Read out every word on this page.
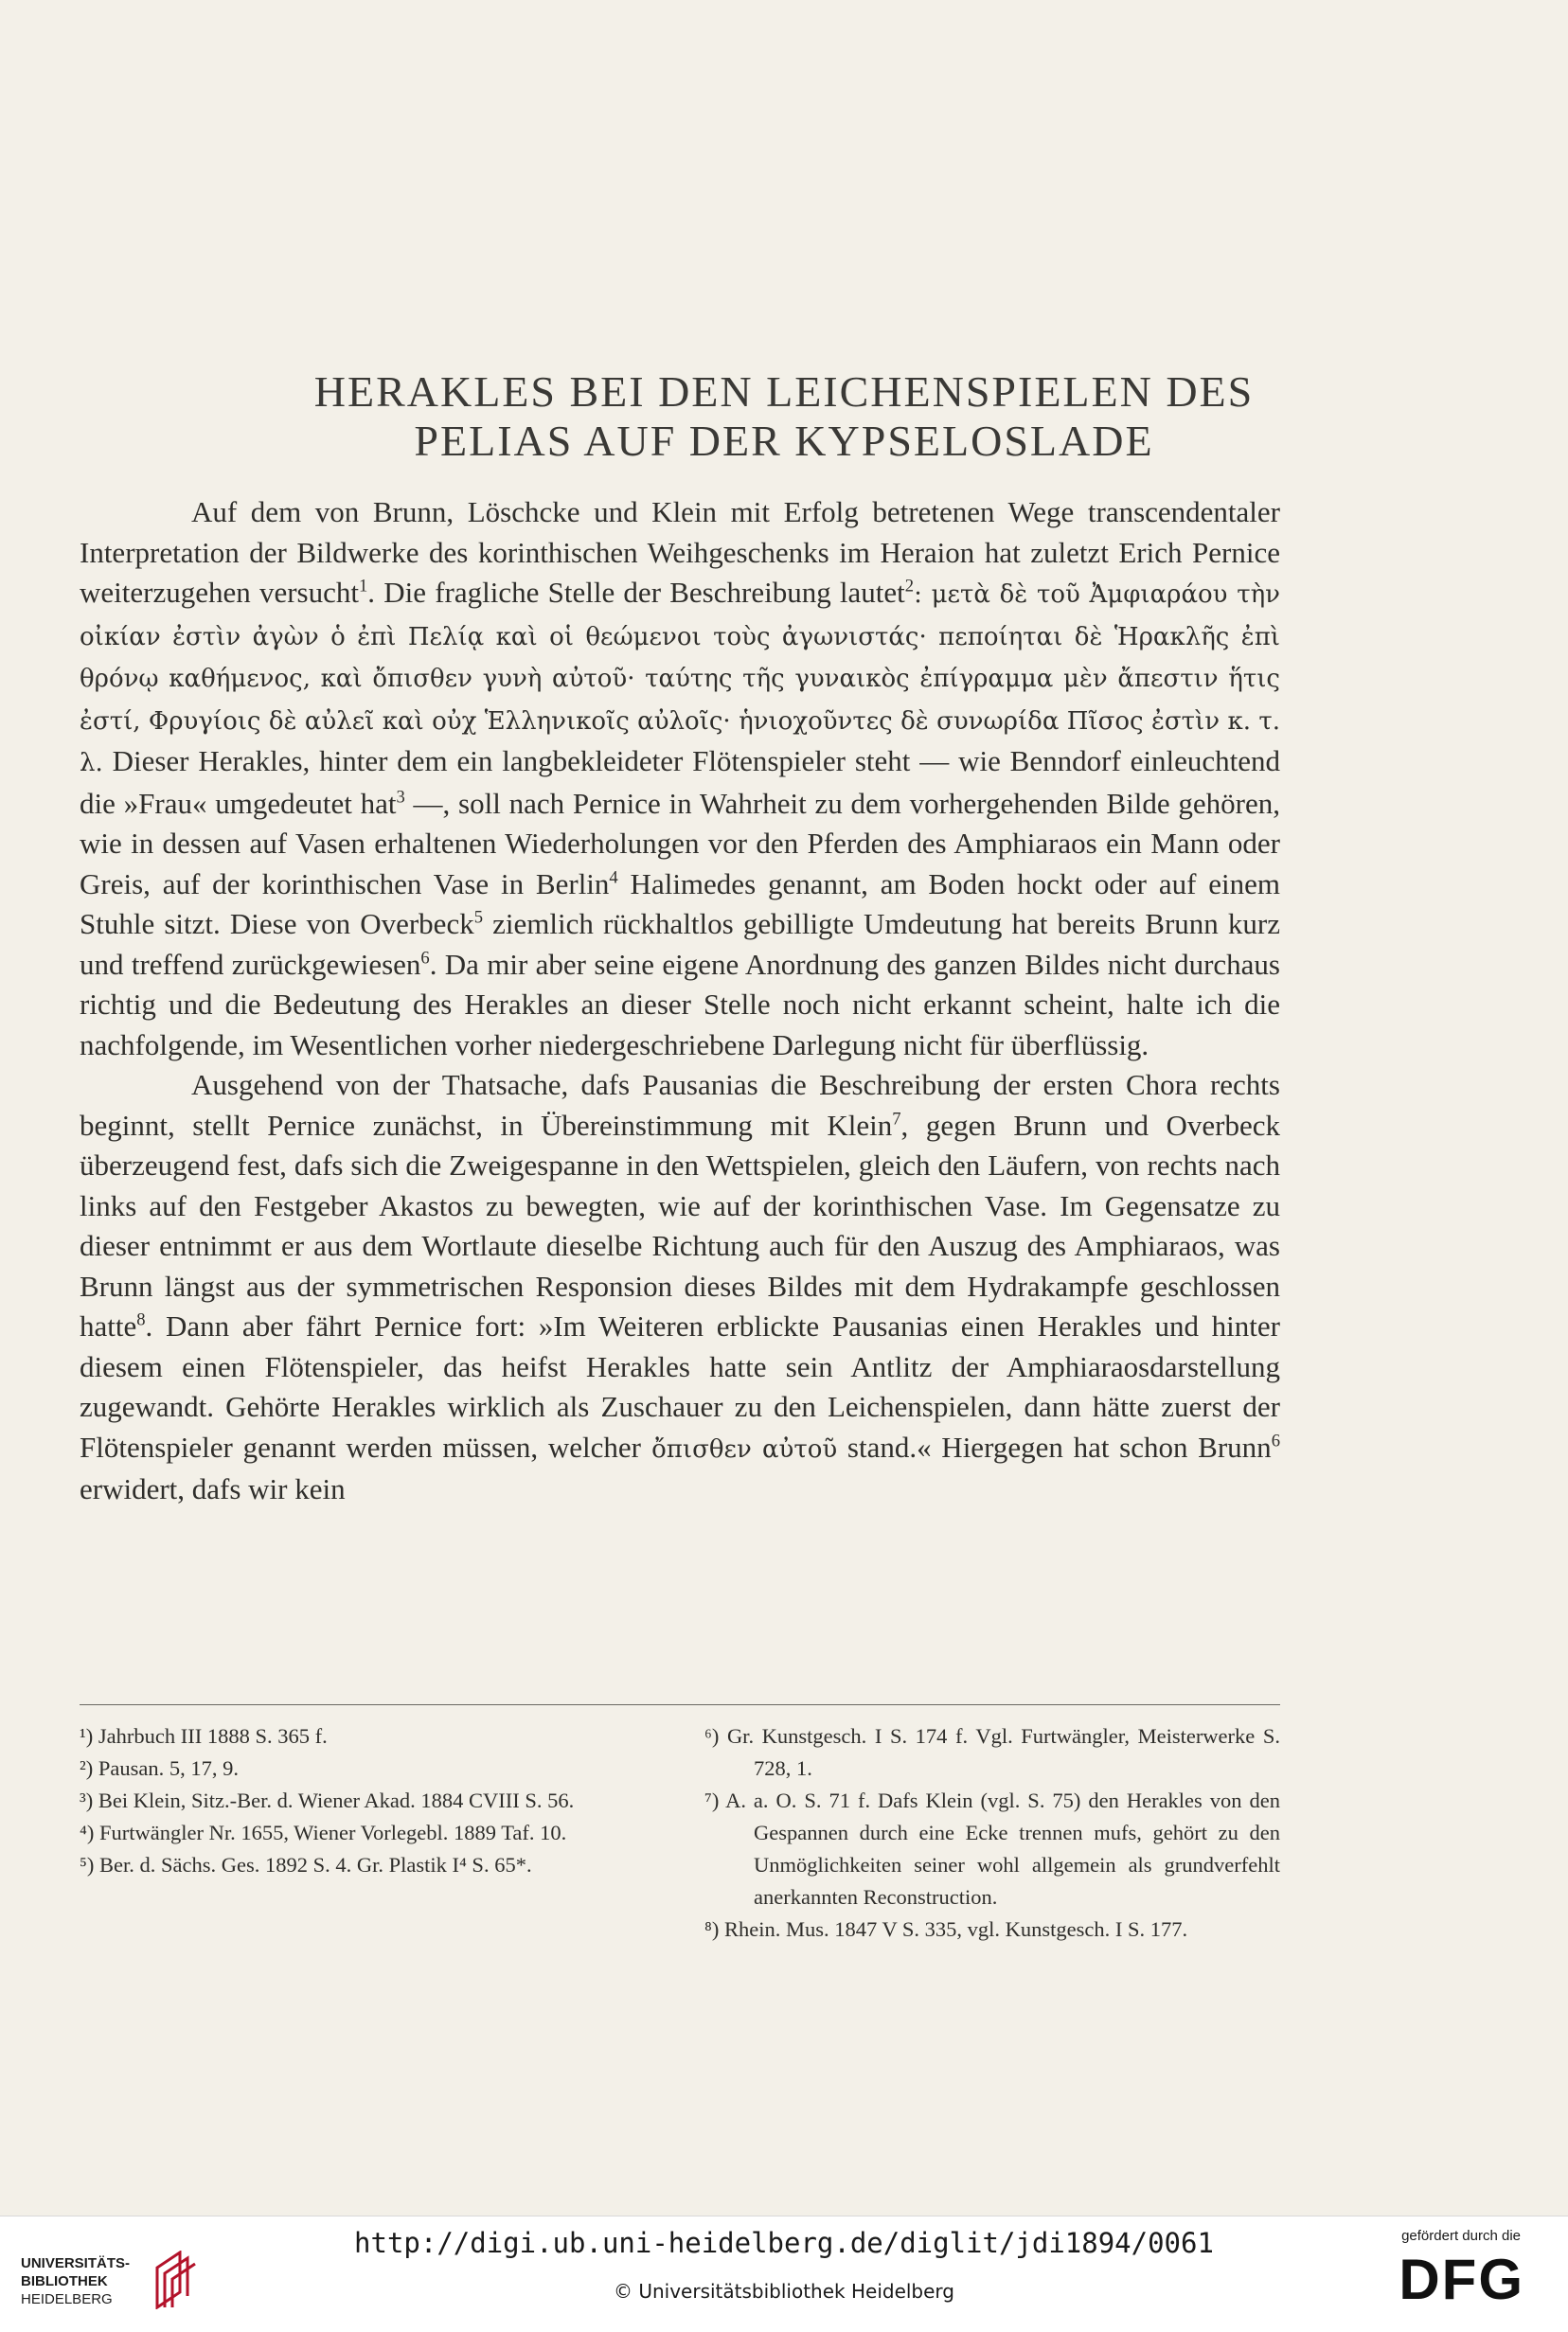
HERAKLES BEI DEN LEICHENSPIELEN DES
PELIAS AUF DER KYPSELOSLADE

Auf dem von Brunn, Löschcke und Klein mit Erfolg betretenen Wege transcendentaler Interpretation der Bildwerke des korinthischen Weihgeschenks im Heraion hat zuletzt Erich Pernice weiterzugehen versucht$^1$. Die fragliche Stelle der Beschreibung lautet$^2$: μετὰ δὲ τοῦ Ἀμφιαράου τὴν οἰκίαν ἐστὶν ἀγὼν ὁ ἐπὶ Πελίᾳ καὶ οἱ θεώμενοι τοὺς ἀγωνιστάς· πεποίηται δὲ Ἡρακλῆς ἐπὶ θρόνῳ καθήμενος, καὶ ὄπισθεν γυνὴ αὐτοῦ· ταύτης τῆς γυναικὸς ἐπίγραμμα μὲν ἄπεστιν ἥτις ἐστί, Φρυγίοις δὲ αὐλεῖ καὶ οὐχ Ἑλληνικοῖς αὐλοῖς· ἡνιοχοῦντες δὲ συνωρίδα Πῖσος ἐστὶν κ. τ. λ. Dieser Herakles, hinter dem ein langbekleideter Flötenspieler steht — wie Benndorf einleuchtend die »Frau« umgedeutet hat$^3$ —, soll nach Pernice in Wahrheit zu dem vorhergehenden Bilde gehören, wie in dessen auf Vasen erhaltenen Wiederholungen vor den Pferden des Amphiaraos ein Mann oder Greis, auf der korinthischen Vase in Berlin$^4$ Halimedes genannt, am Boden hockt oder auf einem Stuhle sitzt. Diese von Overbeck$^5$ ziemlich rückhaltlos gebilligte Umdeutung hat bereits Brunn kurz und treffend zurückgewiesen$^6$. Da mir aber seine eigene Anordnung des ganzen Bildes nicht durchaus richtig und die Bedeutung des Herakles an dieser Stelle noch nicht erkannt scheint, halte ich die nachfolgende, im Wesentlichen vorher niedergeschriebene Darlegung nicht für überflüssig.

Ausgehend von der Thatsache, dafs Pausanias die Beschreibung der ersten Chora rechts beginnt, stellt Pernice zunächst, in Übereinstimmung mit Klein$^7$, gegen Brunn und Overbeck überzeugend fest, dafs sich die Zweigespanne in den Wettspielen, gleich den Läufern, von rechts nach links auf den Festgeber Akastos zu bewegten, wie auf der korinthischen Vase. Im Gegensatze zu dieser entnimmt er aus dem Wortlaute dieselbe Richtung auch für den Auszug des Amphiaraos, was Brunn längst aus der symmetrischen Responsion dieses Bildes mit dem Hydrakampfe geschlossen hatte$^8$. Dann aber fährt Pernice fort: »Im Weiteren erblickte Pausanias einen Herakles und hinter diesem einen Flötenspieler, das heifst Herakles hatte sein Antlitz der Amphiaraosdarstellung zugewandt. Gehörte Herakles wirklich als Zuschauer zu den Leichenspielen, dann hätte zuerst der Flötenspieler genannt werden müssen, welcher ὄπισθεν αὐτοῦ stand.« Hiergegen hat schon Brunn$^6$ erwidert, dafs wir kein

¹) Jahrbuch III 1888 S. 365 f.

²) Pausan. 5, 17, 9.

³) Bei Klein, Sitz.-Ber. d. Wiener Akad. 1884 CVIII S. 56.

⁴) Furtwängler Nr. 1655, Wiener Vorlegebl. 1889 Taf. 10.

⁵) Ber. d. Sächs. Ges. 1892 S. 4. Gr. Plastik I⁴ S. 65*.

⁶) Gr. Kunstgesch. I S. 174 f. Vgl. Furtwängler, Meisterwerke S. 728, 1.

⁷) A. a. O. S. 71 f. Dafs Klein (vgl. S. 75) den Herakles von den Gespannen durch eine Ecke trennen mufs, gehört zu den Unmöglichkeiten seiner wohl allgemein als grundverfehlt anerkannten Reconstruction.

⁸) Rhein. Mus. 1847 V S. 335, vgl. Kunstgesch. I S. 177.

UNIVERSITÄTS-
BIBLIOTHEK
HEIDELBERG
http://digi.ub.uni-heidelberg.de/diglit/jdi1894/0061
© Universitätsbibliothek Heidelberg
gefördert durch die
DFG
